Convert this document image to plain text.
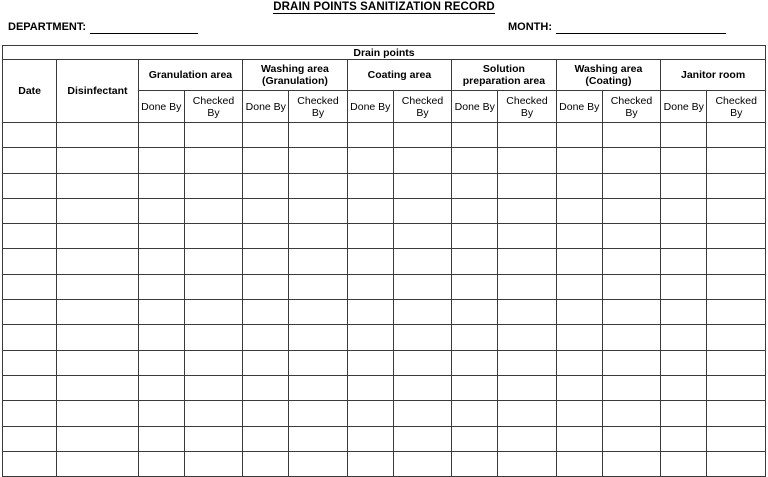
DRAIN POINTS SANITIZATION RECORD
DEPARTMENT:	MONTH:
Drain points													
Date	Disinfectant	Granulation area		Washing area (Granulation)		Coating area		Solution preparation area		Washing area (Coating)		Janitor room	
		Done By	Checked By	Done By	Checked By	Done By	Checked By	Done By	Checked By	Done By	Checked By	Done By	Checked By
